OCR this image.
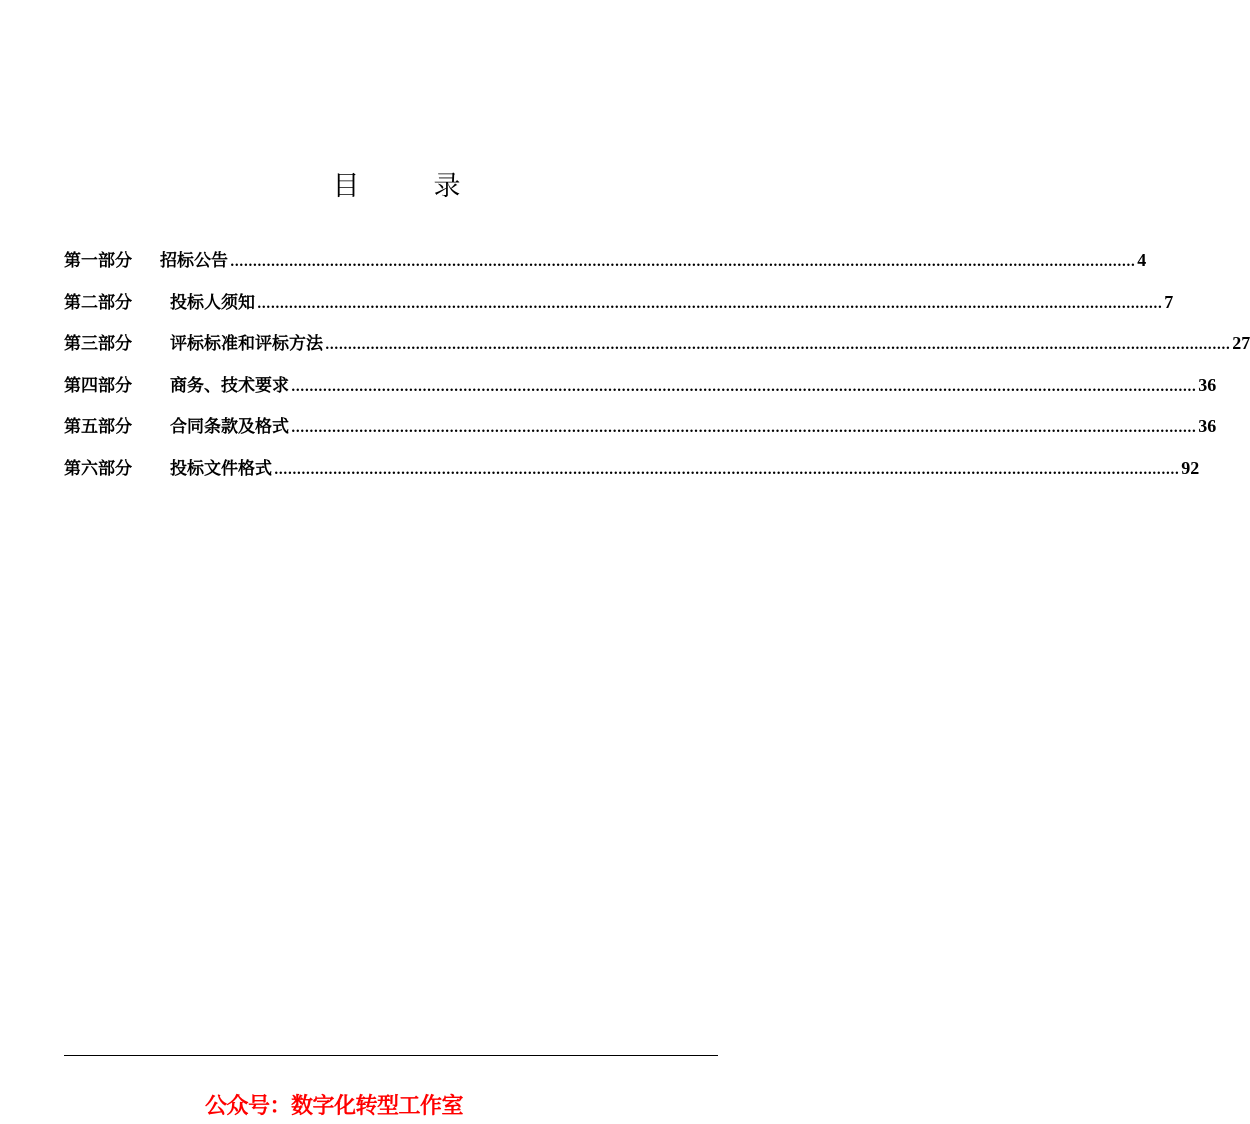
目	录
第一部分	招标公告 ........................................................................................................................................................................................................ 4
第二部分	投标人须知 ........................................................................................................................................................................................................ 7
第三部分	评标标准和评标方法 ........................................................................................................................................................................................................ 27
第四部分	商务、技术要求 ........................................................................................................................................................................................................ 36
第五部分	合同条款及格式 ........................................................................................................................................................................................................ 36
第六部分	投标文件格式 ........................................................................................................................................................................................................ 92
公众号：数字化转型工作室
